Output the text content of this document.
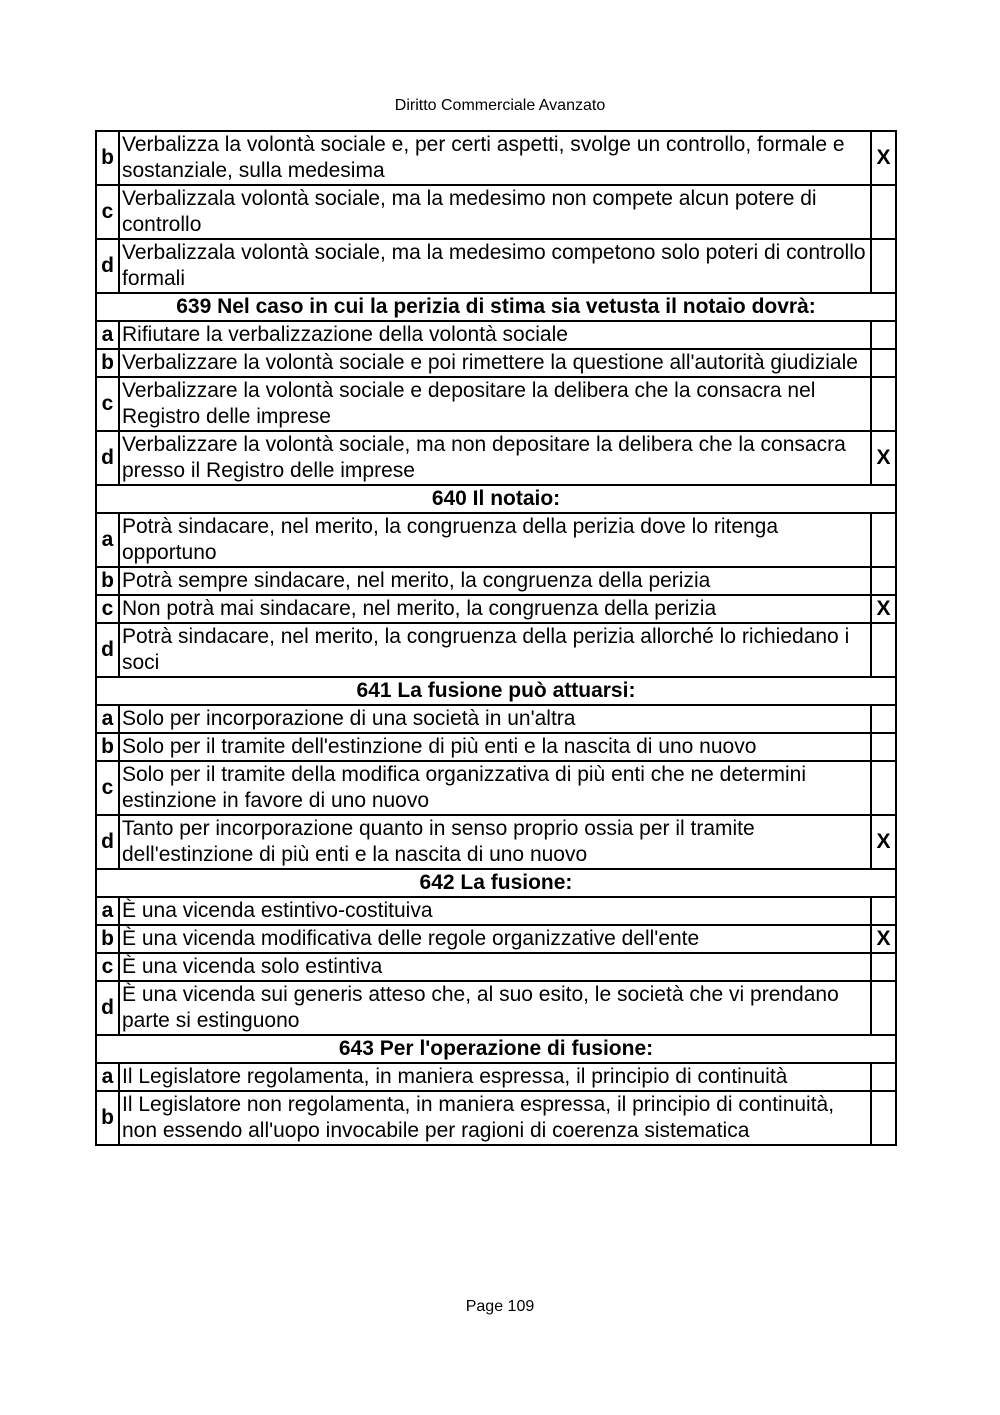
Diritto Commerciale Avanzato
b	Verbalizza la volontà sociale e, per certi aspetti, svolge un controllo, formale e sostanziale, sulla medesima	X
c	Verbalizzala volontà sociale, ma la medesimo non compete alcun potere di controllo	
d	Verbalizzala volontà sociale, ma la medesimo competono solo poteri di controllo formali	
639 Nel caso in cui la perizia di stima sia vetusta il notaio dovrà:		
a	Rifiutare la verbalizzazione della volontà sociale	
b	Verbalizzare la volontà sociale e poi rimettere la questione all'autorità giudiziale	
c	Verbalizzare la volontà sociale e depositare la delibera che la consacra nel Registro delle imprese	
d	Verbalizzare la volontà sociale, ma non depositare la delibera che la consacra presso il Registro delle imprese	X
640 Il notaio:		
a	Potrà sindacare, nel merito, la congruenza della perizia dove lo ritenga opportuno	
b	Potrà sempre sindacare, nel merito, la congruenza della perizia	
c	Non potrà mai sindacare, nel merito, la congruenza della perizia	X
d	Potrà sindacare, nel merito, la congruenza della perizia allorché lo richiedano i soci	
641 La fusione può attuarsi:		
a	Solo per incorporazione di una società in un'altra	
b	Solo per il tramite dell'estinzione di più enti e la nascita di uno nuovo	
c	Solo per il tramite della modifica organizzativa di più enti che ne determini estinzione in favore di uno nuovo	
d	Tanto per incorporazione quanto in senso proprio ossia per il tramite dell'estinzione di più enti e la nascita di uno nuovo	X
642 La fusione:		
a	È una vicenda estintivo-costituiva	
b	È una vicenda modificativa delle regole organizzative dell'ente	X
c	È una vicenda solo estintiva	
d	È una vicenda sui generis atteso che, al suo esito, le società che vi prendano parte si estinguono	
643 Per l'operazione di fusione:		
a	Il Legislatore regolamenta, in maniera espressa, il principio di continuità	
b	Il Legislatore non regolamenta, in maniera espressa, il principio di continuità, non essendo all'uopo invocabile per ragioni di coerenza sistematica	
Page 109
